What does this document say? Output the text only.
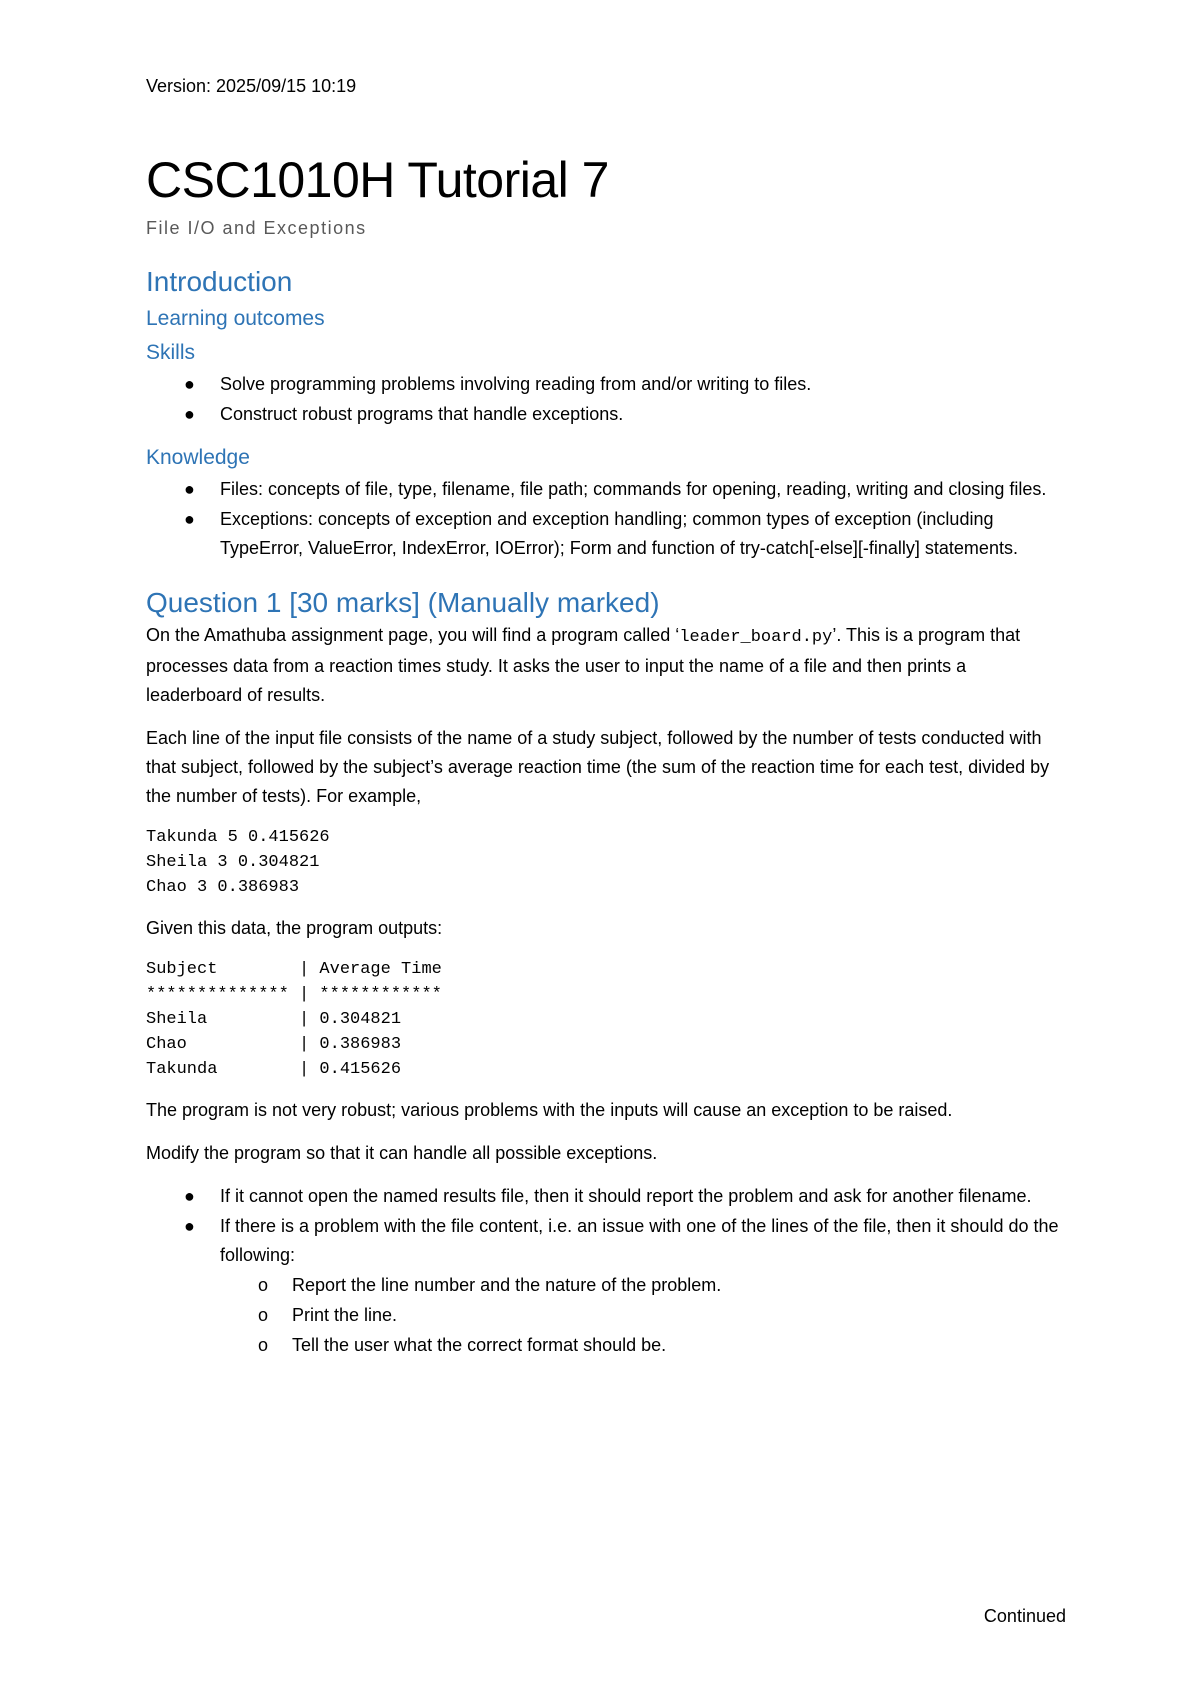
Version: 2025/09/15 10:19

CSC1010H Tutorial 7

File I/O and Exceptions

Introduction
Learning outcomes
Skills
● Solve programming problems involving reading from and/or writing to files.
● Construct robust programs that handle exceptions.
Knowledge
● Files: concepts of file, type, filename, file path; commands for opening, reading, writing and closing files.
● Exceptions: concepts of exception and exception handling; common types of exception (including TypeError, ValueError, IndexError, IOError); Form and function of try-catch[-else][-finally] statements.
Question 1 [30 marks] (Manually marked)

On the Amathuba assignment page, you will find a program called ‘leader_board.py’. This is a program that processes data from a reaction times study. It asks the user to input the name of a file and then prints a leaderboard of results.

Each line of the input file consists of the name of a study subject, followed by the number of tests conducted with that subject, followed by the subject’s average reaction time (the sum of the reaction time for each test, divided by the number of tests). For example,

Takunda 5 0.415626
Sheila 3 0.304821
Chao 3 0.386983

Given this data, the program outputs:

Subject        | Average Time
************** | ************
Sheila         | 0.304821
Chao           | 0.386983
Takunda        | 0.415626

The program is not very robust; various problems with the inputs will cause an exception to be raised.

Modify the program so that it can handle all possible exceptions.

● If it cannot open the named results file, then it should report the problem and ask for another filename.
● If there is a problem with the file content, i.e. an issue with one of the lines of the file, then it should do the following:
o Report the line number and the nature of the problem.
o Print the line.
o Tell the user what the correct format should be.
Continued
